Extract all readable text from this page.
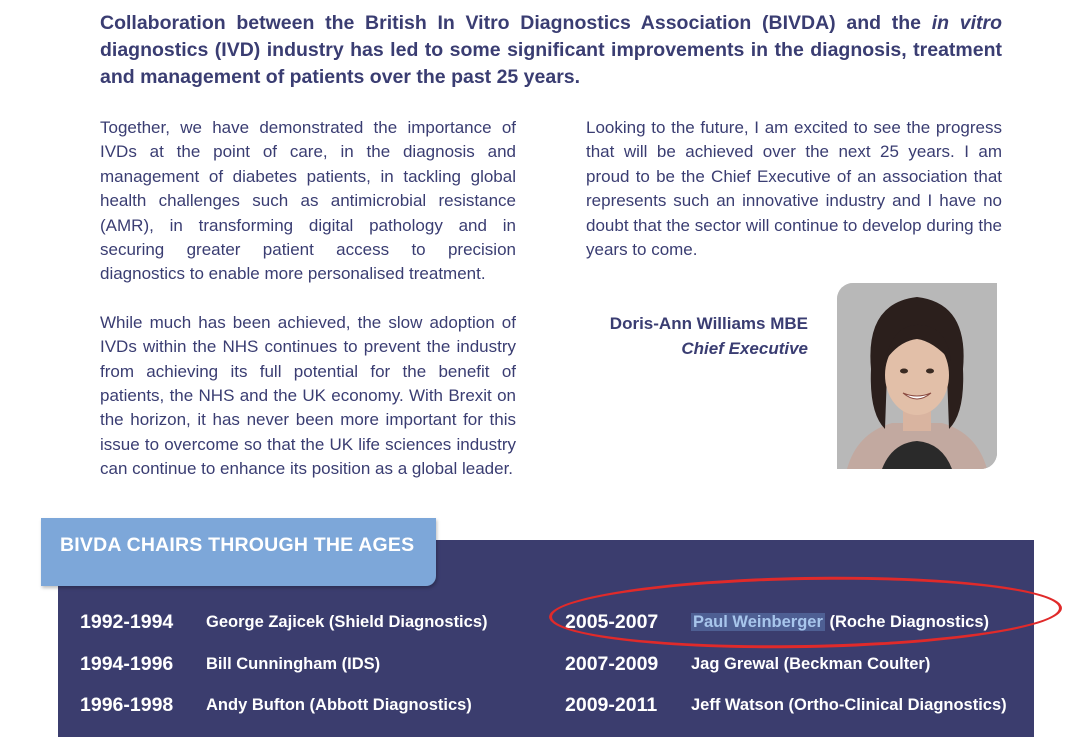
Collaboration between the British In Vitro Diagnostics Association (BIVDA) and the in vitro diagnostics (IVD) industry has led to some significant improvements in the diagnosis, treatment and management of patients over the past 25 years.

Together, we have demonstrated the importance of IVDs at the point of care, in the diagnosis and management of diabetes patients, in tackling global health challenges such as antimicrobial resistance (AMR), in transforming digital pathology and in securing greater patient access to precision diagnostics to enable more personalised treatment.

While much has been achieved, the slow adoption of IVDs within the NHS continues to prevent the industry from achieving its full potential for the benefit of patients, the NHS and the UK economy. With Brexit on the horizon, it has never been more important for this issue to overcome so that the UK life sciences industry can continue to enhance its position as a global leader.

Looking to the future, I am excited to see the progress that will be achieved over the next 25 years. I am proud to be the Chief Executive of an association that represents such an innovative industry and I have no doubt that the sector will continue to develop during the years to come.

Doris-Ann Williams MBE
Chief Executive
BIVDA CHAIRS THROUGH THE AGES
1992-1994 George Zajicek (Shield Diagnostics)
1994-1996 Bill Cunningham (IDS)
1996-1998 Andy Bufton (Abbott Diagnostics)
2005-2007 Paul Weinberger (Roche Diagnostics)
2007-2009 Jag Grewal (Beckman Coulter)
2009-2011 Jeff Watson (Ortho-Clinical Diagnostics)
